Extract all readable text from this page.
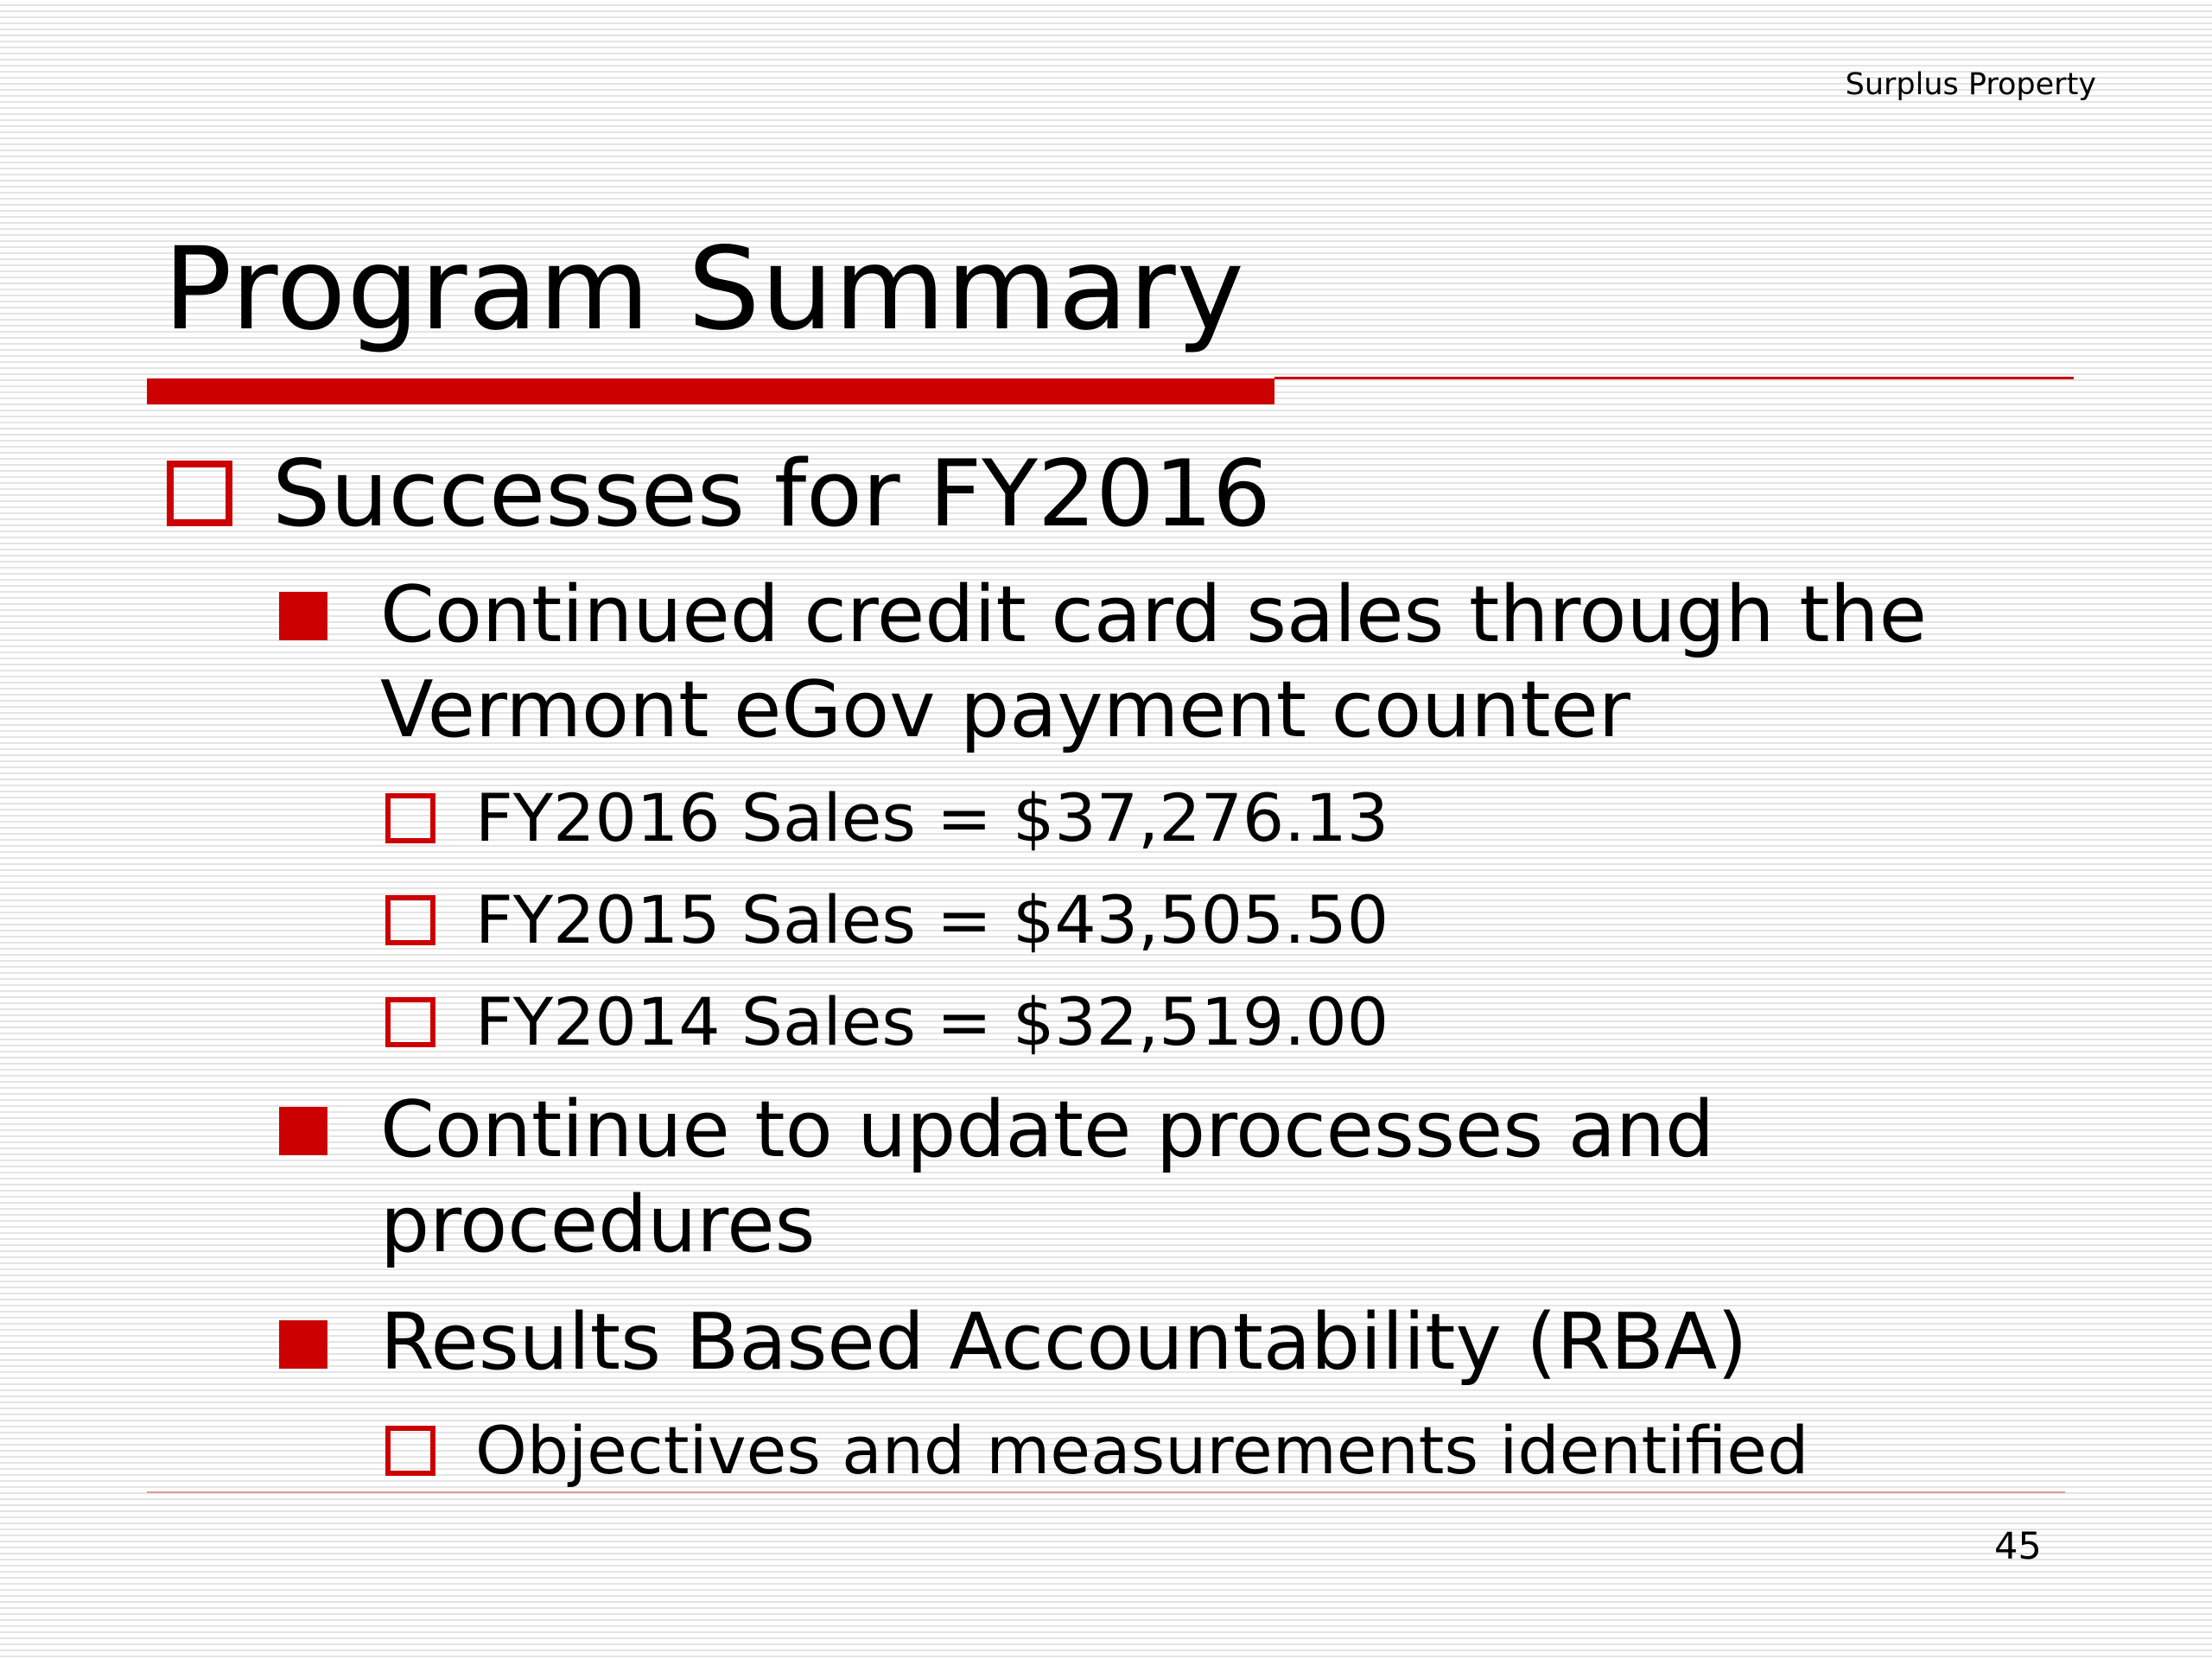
Surplus Property
Program Summary
Successes for FY2016
Continued credit card sales through the
Vermont eGov payment counter
FY2016 Sales = $37,276.13
FY2015 Sales = $43,505.50
FY2014 Sales = $32,519.00
Continue to update processes and
procedures
Results Based Accountability (RBA)
Objectives and measurements identified
45
